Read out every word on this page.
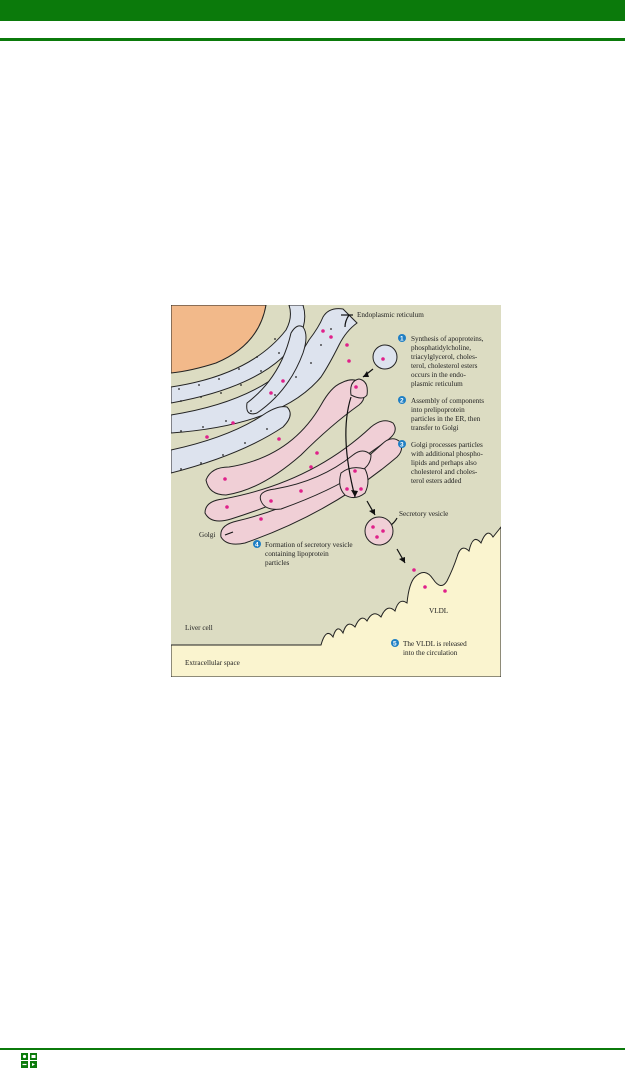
Endoplasmic reticulum
Golgi
Secretory vesicle
VLDL
Liver cell
Extracellular space
1 Synthesis of apoproteins,
phosphatidylcholine,
triacylglycerol, choles-
terol, cholesterol esters
occurs in the endo-
plasmic reticulum
2 Assembly of components
into prelipoprotein
particles in the ER, then
transfer to Golgi
3 Golgi processes particles
with additional phospho-
lipids and perhaps also
cholesterol and choles-
terol esters added
4 Formation of secretory vesicle
containing lipoprotein
particles
5 The VLDL is released
into the circulation
